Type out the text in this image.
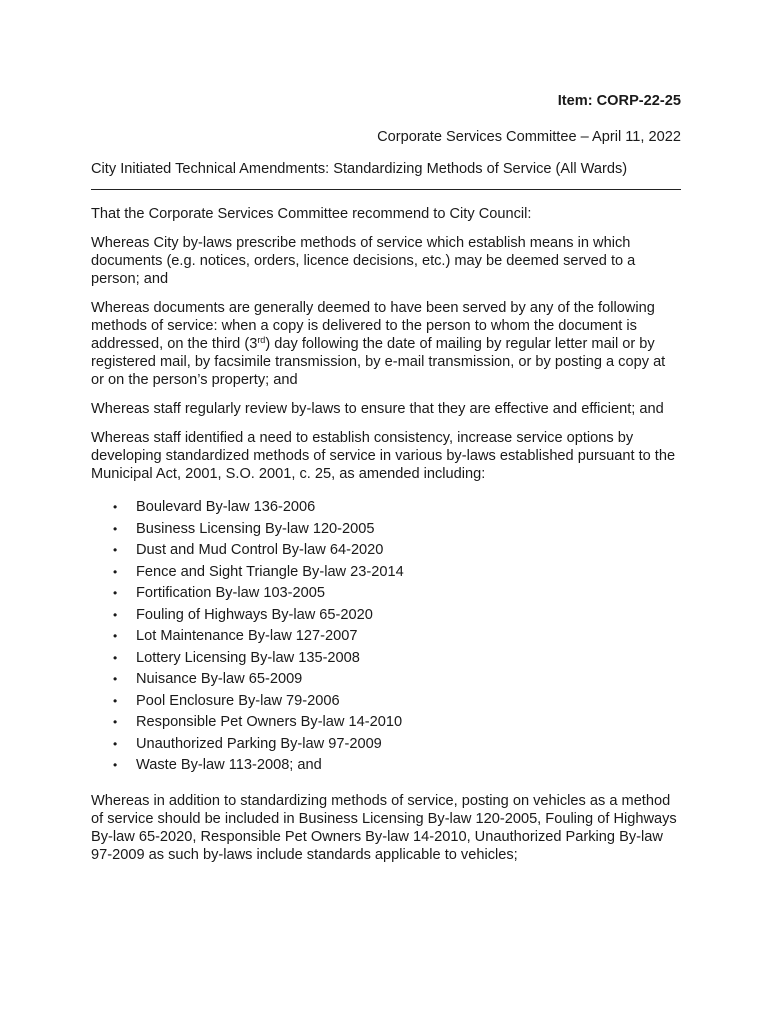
Item: CORP-22-25

Corporate Services Committee – April 11, 2022

City Initiated Technical Amendments: Standardizing Methods of Service (All Wards)

That the Corporate Services Committee recommend to City Council:

Whereas City by-laws prescribe methods of service which establish means in which documents (e.g. notices, orders, licence decisions, etc.) may be deemed served to a person; and

Whereas documents are generally deemed to have been served by any of the following methods of service: when a copy is delivered to the person to whom the document is addressed, on the third (3rd) day following the date of mailing by regular letter mail or by registered mail, by facsimile transmission, by e-mail transmission, or by posting a copy at or on the person’s property; and

Whereas staff regularly review by-laws to ensure that they are effective and efficient; and

Whereas staff identified a need to establish consistency, increase service options by developing standardized methods of service in various by-laws established pursuant to the Municipal Act, 2001, S.O. 2001, c. 25, as amended including:

• Boulevard By-law 136-2006
• Business Licensing By-law 120-2005
• Dust and Mud Control By-law 64-2020
• Fence and Sight Triangle By-law 23-2014
• Fortification By-law 103-2005
• Fouling of Highways By-law 65-2020
• Lot Maintenance By-law 127-2007
• Lottery Licensing By-law 135-2008
• Nuisance By-law 65-2009
• Pool Enclosure By-law 79-2006
• Responsible Pet Owners By-law 14-2010
• Unauthorized Parking By-law 97-2009
• Waste By-law 113-2008; and

Whereas in addition to standardizing methods of service, posting on vehicles as a method of service should be included in Business Licensing By-law 120-2005, Fouling of Highways By-law 65-2020, Responsible Pet Owners By-law 14-2010, Unauthorized Parking By-law 97-2009 as such by-laws include standards applicable to vehicles;
